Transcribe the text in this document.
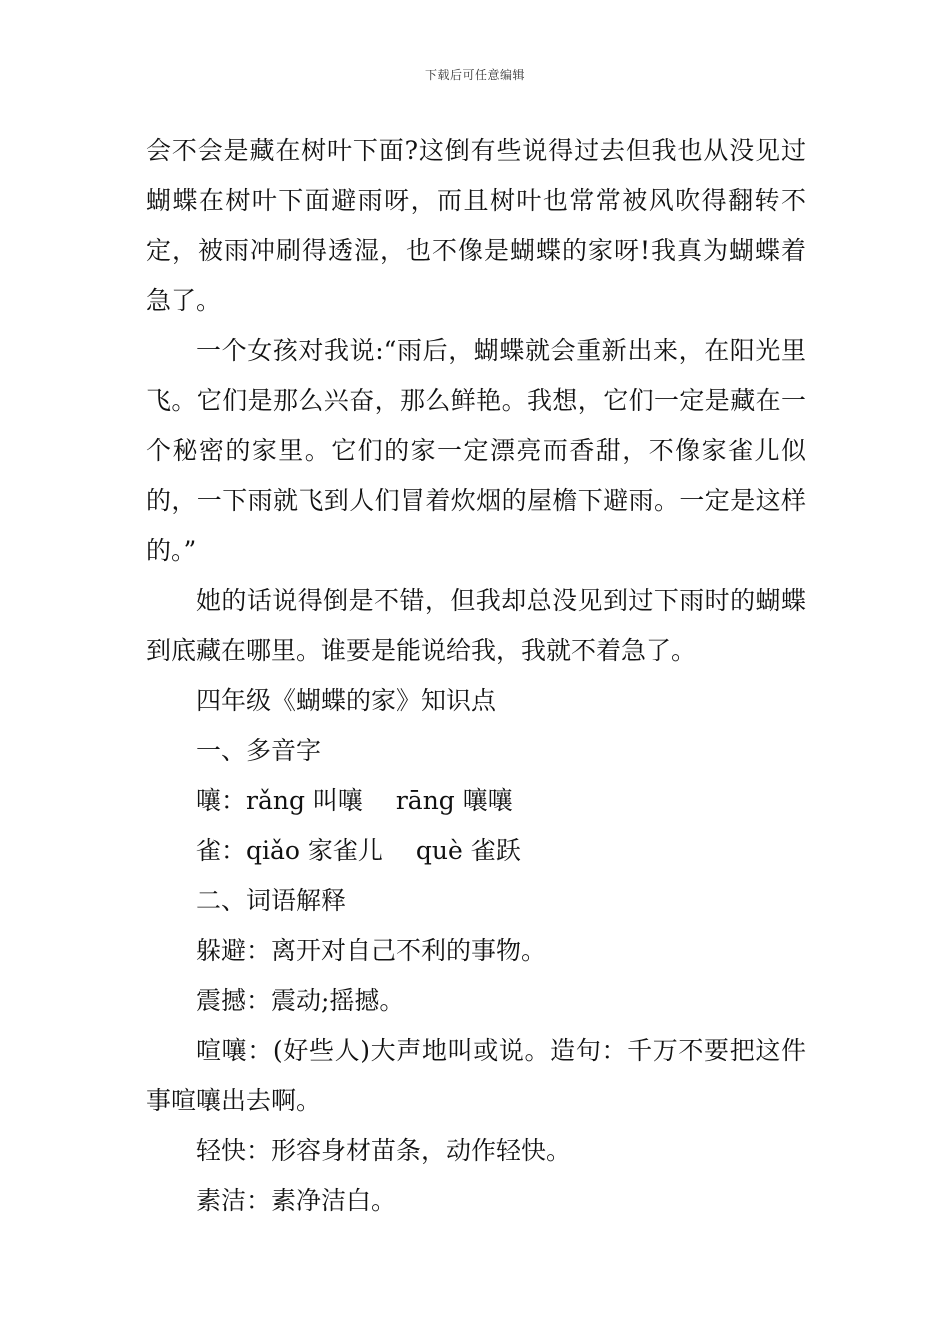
下载后可任意编辑

会不会是藏在树叶下面?这倒有些说得过去但我也从没见过蝴蝶在树叶下面避雨呀，而且树叶也常常被风吹得翻转不定，被雨冲刷得透湿，也不像是蝴蝶的家呀!我真为蝴蝶着急了。

一个女孩对我说:“雨后，蝴蝶就会重新出来，在阳光里飞。它们是那么兴奋，那么鲜艳。我想，它们一定是藏在一个秘密的家里。它们的家一定漂亮而香甜，不像家雀儿似的，一下雨就飞到人们冒着炊烟的屋檐下避雨。一定是这样的。”

她的话说得倒是不错，但我却总没见到过下雨时的蝴蝶到底藏在哪里。谁要是能说给我，我就不着急了。

四年级《蝴蝶的家》知识点

一、多音字

嚷：rǎng 叫嚷　 rāng 嚷嚷

雀：qiǎo 家雀儿　 què 雀跃

二、词语解释

躲避：离开对自己不利的事物。

震撼：震动;摇撼。

喧嚷：(好些人)大声地叫或说。造句：千万不要把这件事喧嚷出去啊。

轻快：形容身材苗条，动作轻快。

素洁：素净洁白。
